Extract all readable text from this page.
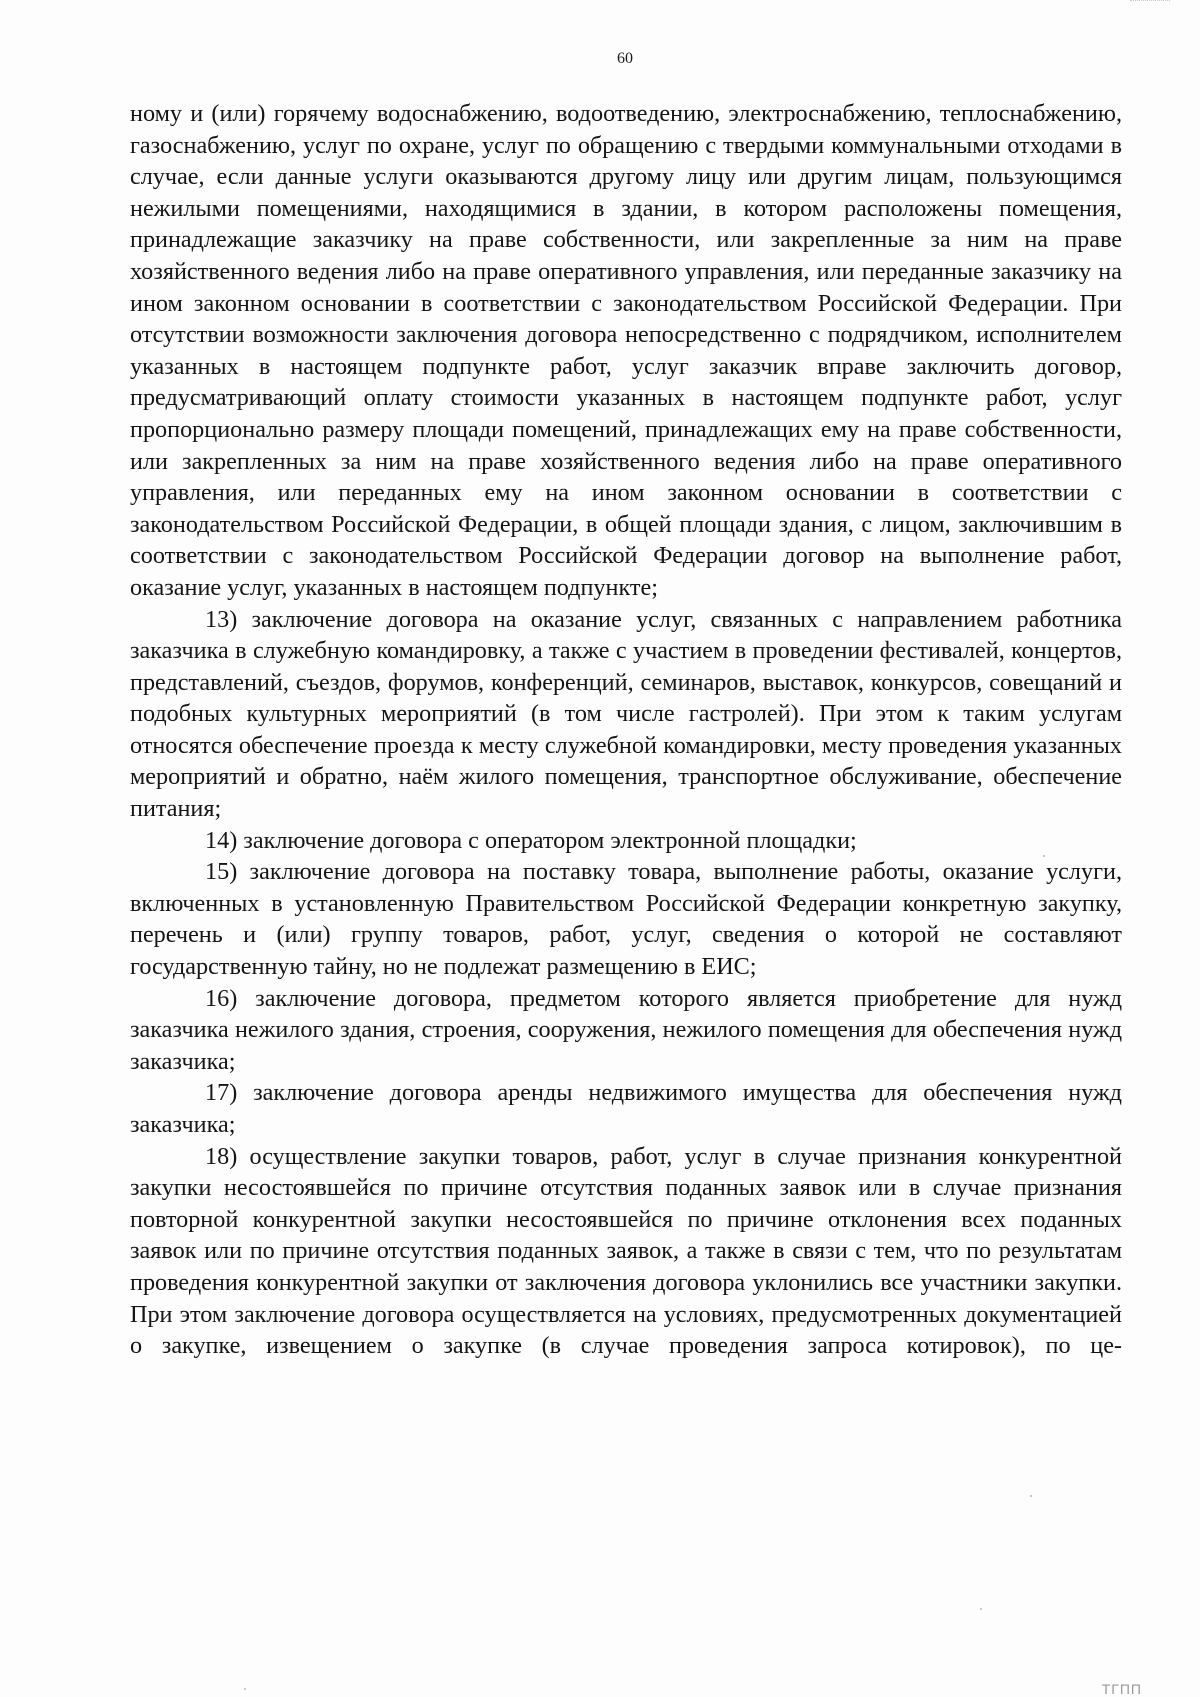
60

ному и (или) горячему водоснабжению, водоотведению, электроснабжению, теплоснабжению, газоснабжению, услуг по охране, услуг по обращению с твердыми коммунальными отходами в случае, если данные услуги оказываются другому лицу или другим лицам, пользующимся нежилыми помещениями, находящимися в здании, в котором расположены помещения, принадлежащие заказчику на праве собственности, или закрепленные за ним на праве хозяйственного ведения либо на праве оперативного управления, или переданные заказчику на ином законном основании в соответствии с законодательством Российской Федерации. При отсутствии возможности заключения договора непосредственно с подрядчиком, исполнителем указанных в настоящем подпункте работ, услуг заказчик вправе заключить договор, предусматривающий оплату стоимости указанных в настоящем подпункте работ, услуг пропорционально размеру площади помещений, принадлежащих ему на праве собственности, или закрепленных за ним на праве хозяйственного ведения либо на праве оперативного управления, или переданных ему на ином законном основании в соответствии с законодательством Российской Федерации, в общей площади здания, с лицом, заключившим в соответствии с законодательством Российской Федерации договор на выполнение работ, оказание услуг, указанных в настоящем подпункте;

13) заключение договора на оказание услуг, связанных с направлением работника заказчика в служебную командировку, а также с участием в проведении фестивалей, концертов, представлений, съездов, форумов, конференций, семинаров, выставок, конкурсов, совещаний и подобных культурных мероприятий (в том числе гастролей). При этом к таким услугам относятся обеспечение проезда к месту служебной командировки, месту проведения указанных мероприятий и обратно, наём жилого помещения, транспортное обслуживание, обеспечение питания;

14) заключение договора с оператором электронной площадки;

15) заключение договора на поставку товара, выполнение работы, оказание услуги, включенных в установленную Правительством Российской Федерации конкретную закупку, перечень и (или) группу товаров, работ, услуг, сведения о которой не составляют государственную тайну, но не подлежат размещению в ЕИС;

16) заключение договора, предметом которого является приобретение для нужд заказчика нежилого здания, строения, сооружения, нежилого помещения для обеспечения нужд заказчика;

17) заключение договора аренды недвижимого имущества для обеспечения нужд заказчика;

18) осуществление закупки товаров, работ, услуг в случае признания конкурентной закупки несостоявшейся по причине отсутствия поданных заявок или в случае признания повторной конкурентной закупки несостоявшейся по причине отклонения всех поданных заявок или по причине отсутствия поданных заявок, а также в связи с тем, что по результатам проведения конкурентной закупки от заключения договора уклонились все участники закупки. При этом заключение договора осуществляется на условиях, предусмотренных документацией о закупке, извещением о закупке (в случае проведения запроса котировок), по це-

ТГПП
